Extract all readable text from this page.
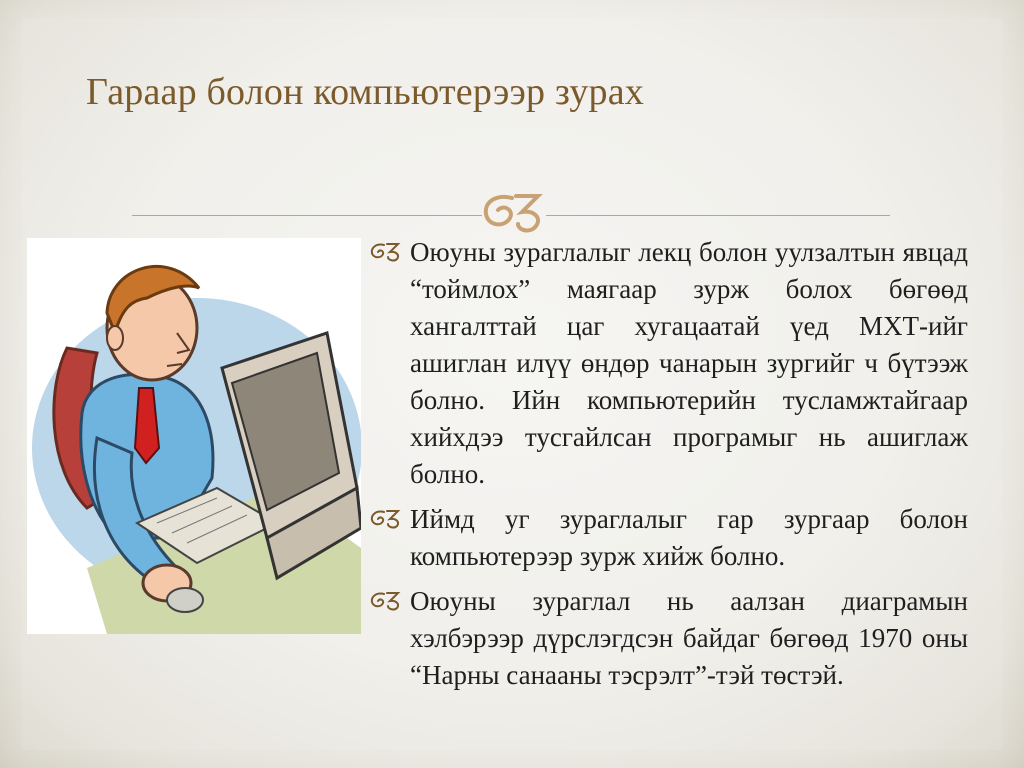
Гараар болон компьютерээр зурах
Оюуны зураглалыг лекц болон уулзалтын явцад “тоймлох” маягаар зурж болох бөгөөд хангалттай цаг хугацаатай үед МХТ-ийг ашиглан илүү өндөр чанарын зургийг ч бүтээж болно. Ийн компьютерийн тусламжтайгаар хийхдээ тусгайлсан програмыг нь ашиглаж болно.
Иймд уг зураглалыг гар зургаар болон компьютерээр зурж хийж болно.
Оюуны зураглал нь аалзан диаграмын хэлбэрээр дүрслэгдсэн байдаг бөгөөд 1970 оны “Нарны санааны тэсрэлт”-тэй төстэй.
